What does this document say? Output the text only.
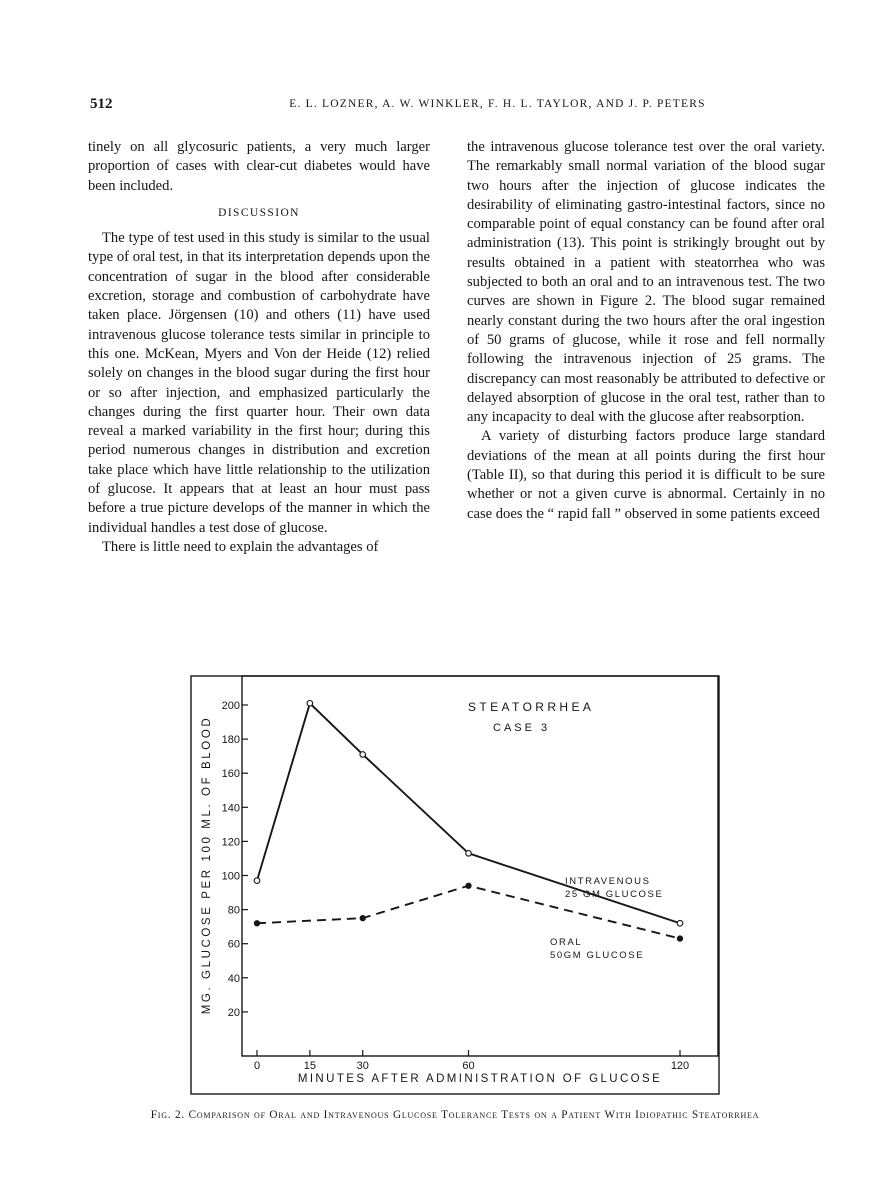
512	E. L. LOZNER, A. W. WINKLER, F. H. L. TAYLOR, AND J. P. PETERS

tinely on all glycosuric patients, a very much larger proportion of cases with clear-cut diabetes would have been included.

DISCUSSION

The type of test used in this study is similar to the usual type of oral test, in that its interpretation depends upon the concentration of sugar in the blood after considerable excretion, storage and combustion of carbohydrate have taken place. Jörgensen (10) and others (11) have used intravenous glucose tolerance tests similar in principle to this one. McKean, Myers and Von der Heide (12) relied solely on changes in the blood sugar during the first hour or so after injection, and emphasized particularly the changes during the first quarter hour. Their own data reveal a marked variability in the first hour; during this period numerous changes in distribution and excretion take place which have little relationship to the utilization of glucose. It appears that at least an hour must pass before a true picture develops of the manner in which the individual handles a test dose of glucose.

There is little need to explain the advantages of

the intravenous glucose tolerance test over the oral variety. The remarkably small normal variation of the blood sugar two hours after the injection of glucose indicates the desirability of eliminating gastro-intestinal factors, since no comparable point of equal constancy can be found after oral administration (13). This point is strikingly brought out by results obtained in a patient with steatorrhea who was subjected to both an oral and to an intravenous test. The two curves are shown in Figure 2. The blood sugar remained nearly constant during the two hours after the oral ingestion of 50 grams of glucose, while it rose and fell normally following the intravenous injection of 25 grams. The discrepancy can most reasonably be attributed to defective or delayed absorption of glucose in the oral test, rather than to any incapacity to deal with the glucose after reabsorption.

A variety of disturbing factors produce large standard deviations of the mean at all points during the first hour (Table II), so that during this period it is difficult to be sure whether or not a given curve is abnormal. Certainly in no case does the “ rapid fall ” observed in some patients exceed

MG. GLUCOSE PER 100 ML. OF BLOOD
STEATORRHEA
CASE 3
MINUTES AFTER ADMINISTRATION OF GLUCOSE
20
40
60
80
100
120
140
160
180
200
0	15	30	60	120
INTRAVENOUS
25 GM GLUCOSE
ORAL
50GM GLUCOSE
Fig. 2. Comparison of Oral and Intravenous Glucose Tolerance Tests on a Patient With Idiopathic Steatorrhea
